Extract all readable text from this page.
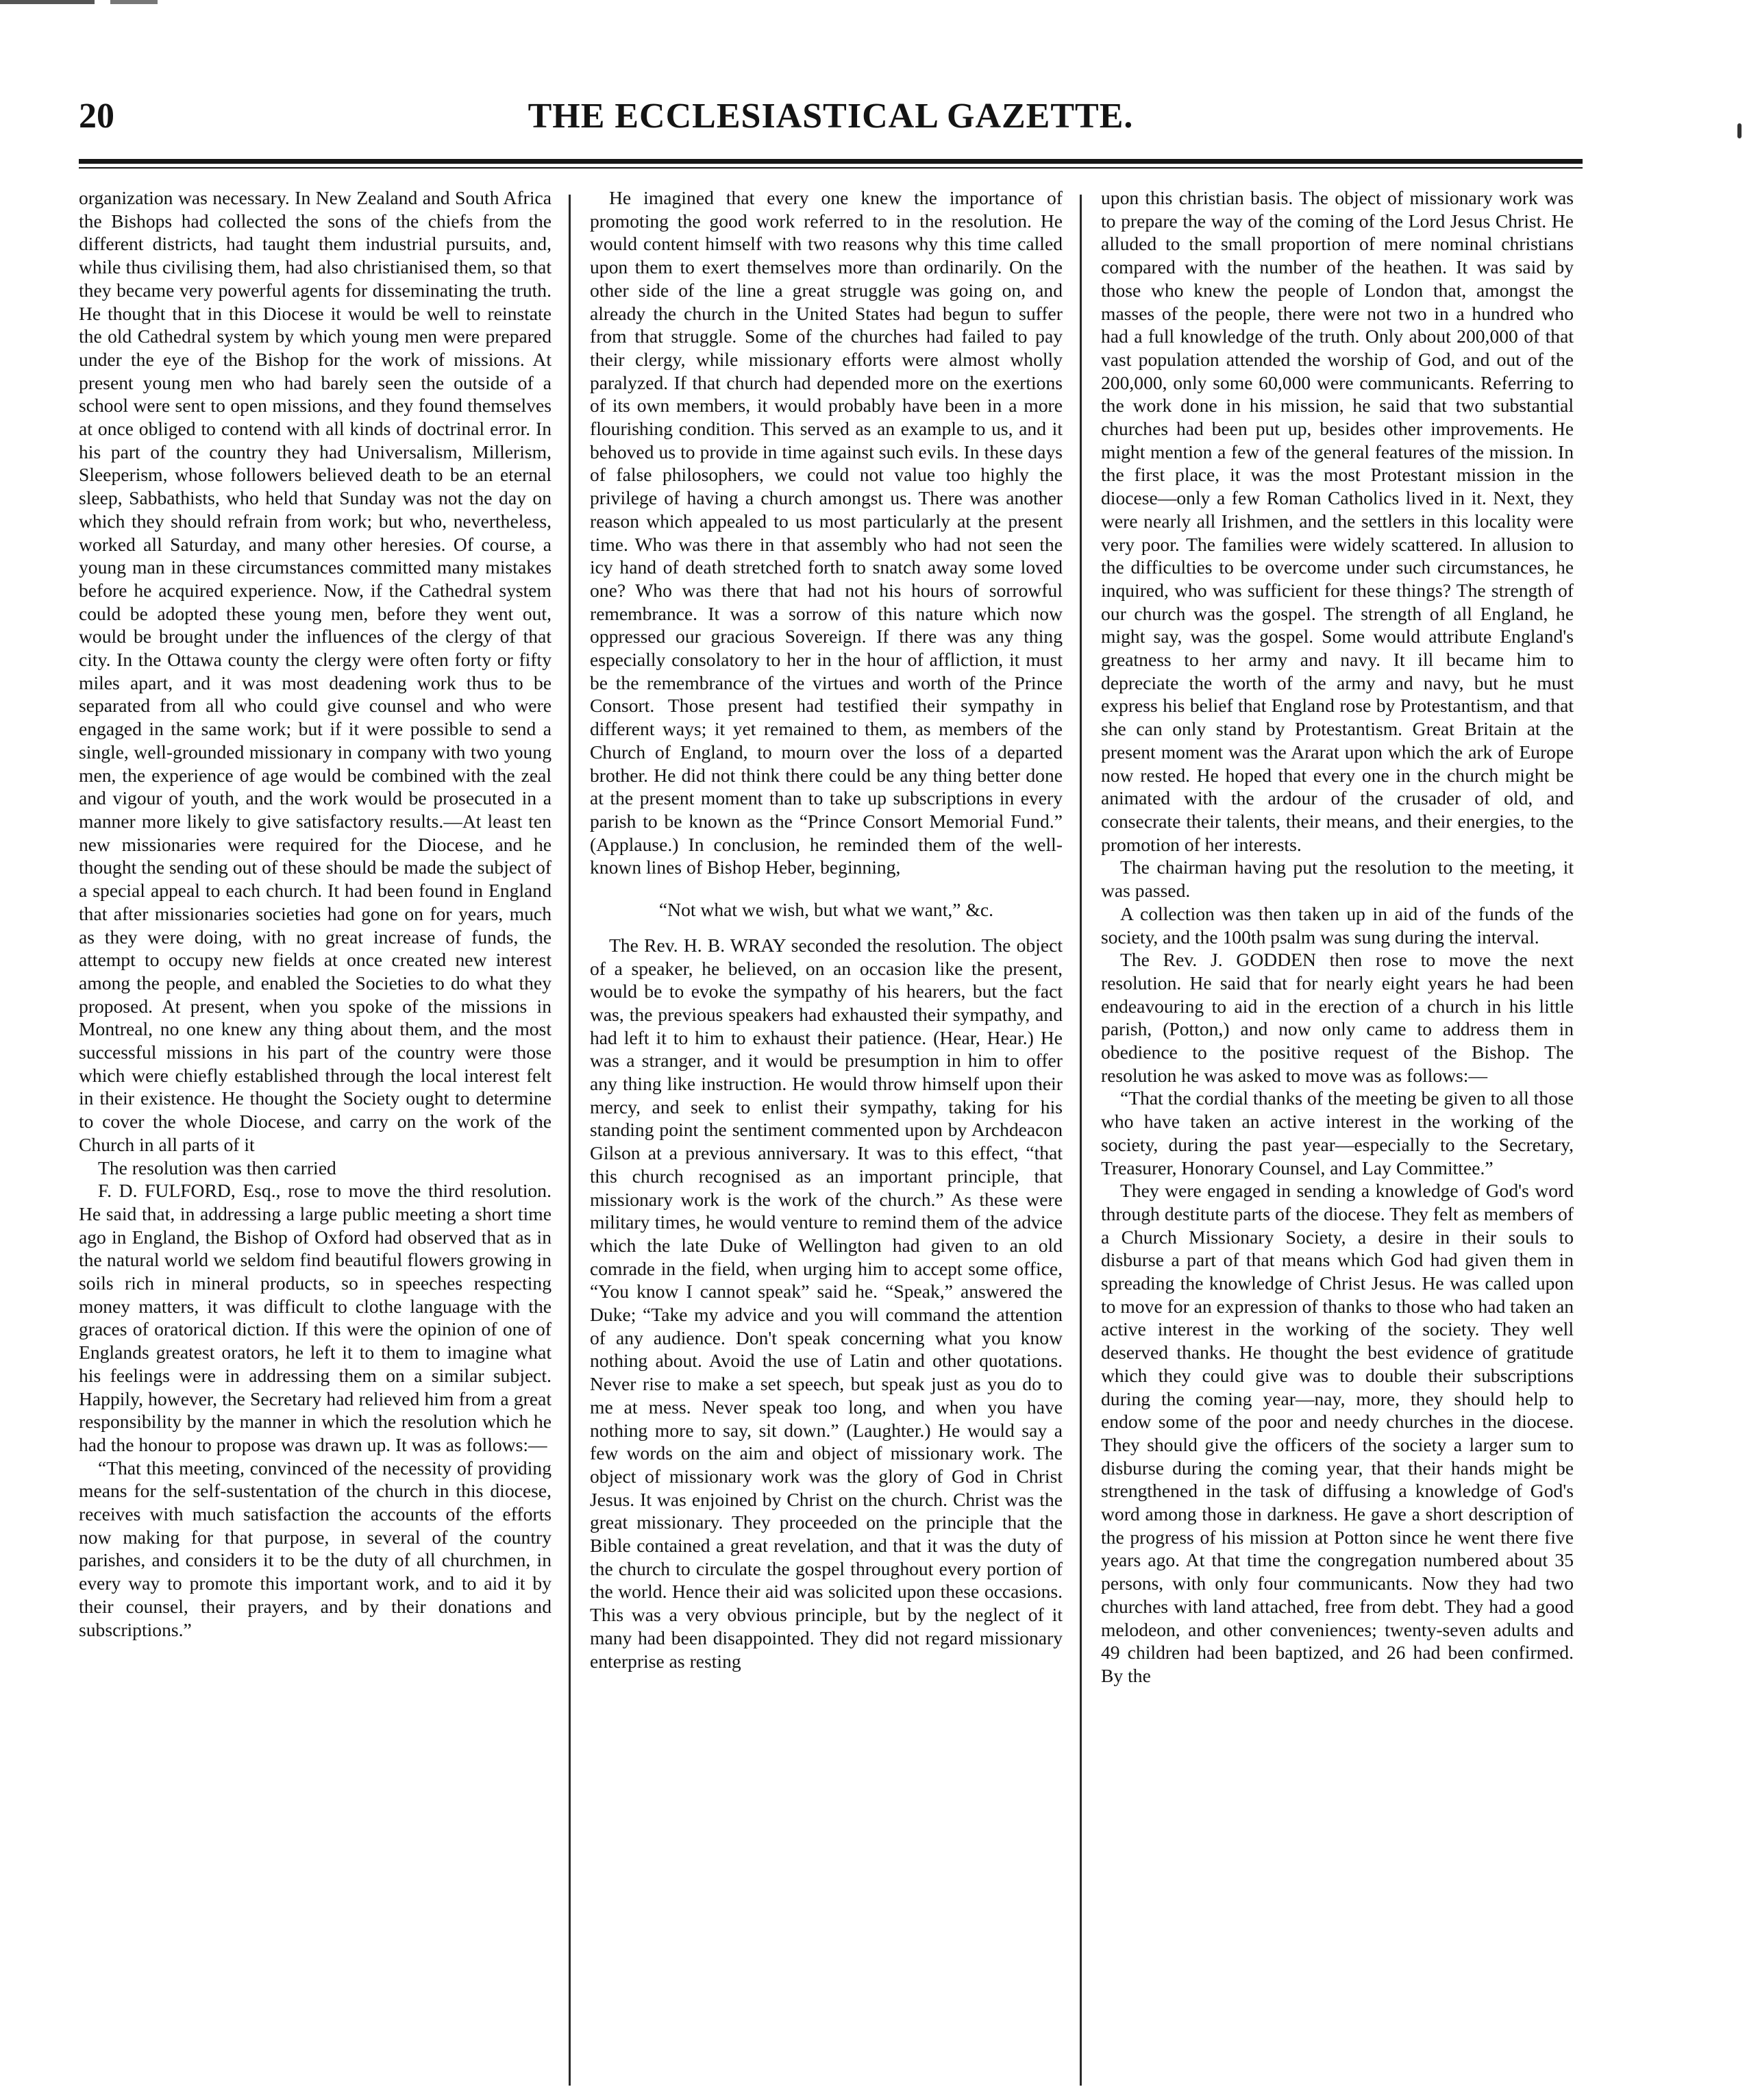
THE ECCLESIASTICAL GAZETTE.
20

organization was necessary. In New Zealand and South Africa the Bishops had collected the sons of the chiefs from the different districts, had taught them industrial pursuits, and, while thus civilising them, had also christianised them, so that they became very powerful agents for disseminating the truth. He thought that in this Diocese it would be well to reinstate the old Cathedral system by which young men were prepared under the eye of the Bishop for the work of missions. At present young men who had barely seen the outside of a school were sent to open missions, and they found themselves at once obliged to contend with all kinds of doctrinal error. In his part of the country they had Universalism, Millerism, Sleeperism, whose followers believed death to be an eternal sleep, Sabbathists, who held that Sunday was not the day on which they should refrain from work; but who, nevertheless, worked all Saturday, and many other heresies. Of course, a young man in these circumstances committed many mistakes before he acquired experience. Now, if the Cathedral system could be adopted these young men, before they went out, would be brought under the influences of the clergy of that city. In the Ottawa county the clergy were often forty or fifty miles apart, and it was most deadening work thus to be separated from all who could give counsel and who were engaged in the same work; but if it were possible to send a single, well-grounded missionary in company with two young men, the experience of age would be combined with the zeal and vigour of youth, and the work would be prosecuted in a manner more likely to give satisfactory results.—At least ten new missionaries were required for the Diocese, and he thought the sending out of these should be made the subject of a special appeal to each church. It had been found in England that after missionaries societies had gone on for years, much as they were doing, with no great increase of funds, the attempt to occupy new fields at once created new interest among the people, and enabled the Societies to do what they proposed. At present, when you spoke of the missions in Montreal, no one knew any thing about them, and the most successful missions in his part of the country were those which were chiefly established through the local interest felt in their existence. He thought the Society ought to determine to cover the whole Diocese, and carry on the work of the Church in all parts of it

The resolution was then carried

F. D. FULFORD, Esq., rose to move the third resolution. He said that, in addressing a large public meeting a short time ago in England, the Bishop of Oxford had observed that as in the natural world we seldom find beautiful flowers growing in soils rich in mineral products, so in speeches respecting money matters, it was difficult to clothe language with the graces of oratorical diction. If this were the opinion of one of Englands greatest orators, he left it to them to imagine what his feelings were in addressing them on a similar subject. Happily, however, the Secretary had relieved him from a great responsibility by the manner in which the resolution which he had the honour to propose was drawn up. It was as follows:—

“That this meeting, convinced of the necessity of providing means for the self-sustentation of the church in this diocese, receives with much satisfaction the accounts of the efforts now making for that purpose, in several of the country parishes, and considers it to be the duty of all churchmen, in every way to promote this important work, and to aid it by their counsel, their prayers, and by their donations and subscriptions.”

He imagined that every one knew the importance of promoting the good work referred to in the resolution. He would content himself with two reasons why this time called upon them to exert themselves more than ordinarily. On the other side of the line a great struggle was going on, and already the church in the United States had begun to suffer from that struggle. Some of the churches had failed to pay their clergy, while missionary efforts were almost wholly paralyzed. If that church had depended more on the exertions of its own members, it would probably have been in a more flourishing condition. This served as an example to us, and it behoved us to provide in time against such evils. In these days of false philosophers, we could not value too highly the privilege of having a church amongst us. There was another reason which appealed to us most particularly at the present time. Who was there in that assembly who had not seen the icy hand of death stretched forth to snatch away some loved one? Who was there that had not his hours of sorrowful remembrance. It was a sorrow of this nature which now oppressed our gracious Sovereign. If there was any thing especially consolatory to her in the hour of affliction, it must be the remembrance of the virtues and worth of the Prince Consort. Those present had testified their sympathy in different ways; it yet remained to them, as members of the Church of England, to mourn over the loss of a departed brother. He did not think there could be any thing better done at the present moment than to take up subscriptions in every parish to be known as the “Prince Consort Memorial Fund.” (Applause.) In conclusion, he reminded them of the well-known lines of Bishop Heber, beginning,

“Not what we wish, but what we want,” &c.

The Rev. H. B. WRAY seconded the resolution. The object of a speaker, he believed, on an occasion like the present, would be to evoke the sympathy of his hearers, but the fact was, the previous speakers had exhausted their sympathy, and had left it to him to exhaust their patience. (Hear, Hear.) He was a stranger, and it would be presumption in him to offer any thing like instruction. He would throw himself upon their mercy, and seek to enlist their sympathy, taking for his standing point the sentiment commented upon by Archdeacon Gilson at a previous anniversary. It was to this effect, “that this church recognised as an important principle, that missionary work is the work of the church.” As these were military times, he would venture to remind them of the advice which the late Duke of Wellington had given to an old comrade in the field, when urging him to accept some office, “You know I cannot speak” said he. “Speak,” answered the Duke; “Take my advice and you will command the attention of any audience. Don't speak concerning what you know nothing about. Avoid the use of Latin and other quotations. Never rise to make a set speech, but speak just as you do to me at mess. Never speak too long, and when you have nothing more to say, sit down.” (Laughter.) He would say a few words on the aim and object of missionary work. The object of missionary work was the glory of God in Christ Jesus. It was enjoined by Christ on the church. Christ was the great missionary. They proceeded on the principle that the Bible contained a great revelation, and that it was the duty of the church to circulate the gospel throughout every portion of the world. Hence their aid was solicited upon these occasions. This was a very obvious principle, but by the neglect of it many had been disappointed. They did not regard missionary enterprise as resting

upon this christian basis. The object of missionary work was to prepare the way of the coming of the Lord Jesus Christ. He alluded to the small proportion of mere nominal christians compared with the number of the heathen. It was said by those who knew the people of London that, amongst the masses of the people, there were not two in a hundred who had a full knowledge of the truth. Only about 200,000 of that vast population attended the worship of God, and out of the 200,000, only some 60,000 were communicants. Referring to the work done in his mission, he said that two substantial churches had been put up, besides other improvements. He might mention a few of the general features of the mission. In the first place, it was the most Protestant mission in the diocese—only a few Roman Catholics lived in it. Next, they were nearly all Irishmen, and the settlers in this locality were very poor. The families were widely scattered. In allusion to the difficulties to be overcome under such circumstances, he inquired, who was sufficient for these things? The strength of our church was the gospel. The strength of all England, he might say, was the gospel. Some would attribute England's greatness to her army and navy. It ill became him to depreciate the worth of the army and navy, but he must express his belief that England rose by Protestantism, and that she can only stand by Protestantism. Great Britain at the present moment was the Ararat upon which the ark of Europe now rested. He hoped that every one in the church might be animated with the ardour of the crusader of old, and consecrate their talents, their means, and their energies, to the promotion of her interests.

The chairman having put the resolution to the meeting, it was passed.

A collection was then taken up in aid of the funds of the society, and the 100th psalm was sung during the interval.

The Rev. J. GODDEN then rose to move the next resolution. He said that for nearly eight years he had been endeavouring to aid in the erection of a church in his little parish, (Potton,) and now only came to address them in obedience to the positive request of the Bishop. The resolution he was asked to move was as follows:—

“That the cordial thanks of the meeting be given to all those who have taken an active interest in the working of the society, during the past year—especially to the Secretary, Treasurer, Honorary Counsel, and Lay Committee.”

They were engaged in sending a knowledge of God's word through destitute parts of the diocese. They felt as members of a Church Missionary Society, a desire in their souls to disburse a part of that means which God had given them in spreading the knowledge of Christ Jesus. He was called upon to move for an expression of thanks to those who had taken an active interest in the working of the society. They well deserved thanks. He thought the best evidence of gratitude which they could give was to double their subscriptions during the coming year—nay, more, they should help to endow some of the poor and needy churches in the diocese. They should give the officers of the society a larger sum to disburse during the coming year, that their hands might be strengthened in the task of diffusing a knowledge of God's word among those in darkness. He gave a short description of the progress of his mission at Potton since he went there five years ago. At that time the congregation numbered about 35 persons, with only four communicants. Now they had two churches with land attached, free from debt. They had a good melodeon, and other conveniences; twenty-seven adults and 49 children had been baptized, and 26 had been confirmed. By the
